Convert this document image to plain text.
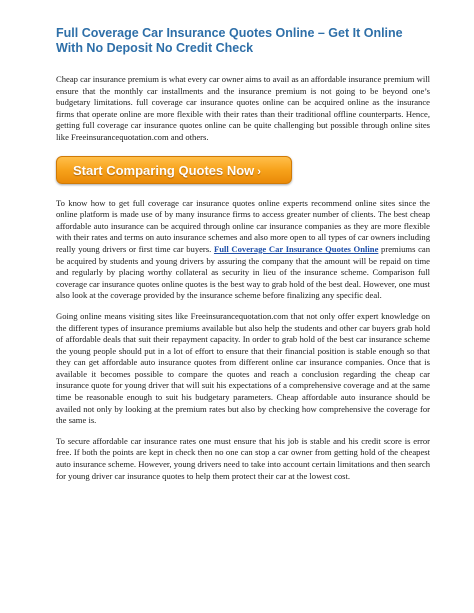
Full Coverage Car Insurance Quotes Online – Get It Online With No Deposit No Credit Check

Cheap car insurance premium is what every car owner aims to avail as an affordable insurance premium will ensure that the monthly car installments and the insurance premium is not going to be beyond one’s budgetary limitations. full coverage car insurance quotes online can be acquired online as the insurance firms that operate online are more flexible with their rates than their traditional offline counterparts. Hence, getting full coverage car insurance quotes online can be quite challenging but possible through online sites like Freeinsurancequotation.com and others.

Start Comparing Quotes Now ›

To know how to get full coverage car insurance quotes online experts recommend online sites since the online platform is made use of by many insurance firms to access greater number of clients. The best cheap affordable auto insurance can be acquired through online car insurance companies as they are more flexible with their rates and terms on auto insurance schemes and also more open to all types of car owners including really young drivers or first time car buyers. Full Coverage Car Insurance Quotes Online premiums can be acquired by students and young drivers by assuring the company that the amount will be repaid on time and regularly by placing worthy collateral as security in lieu of the insurance scheme. Comparison full coverage car insurance quotes online quotes is the best way to grab hold of the best deal. However, one must also look at the coverage provided by the insurance scheme before finalizing any specific deal.

Going online means visiting sites like Freeinsurancequotation.com that not only offer expert knowledge on the different types of insurance premiums available but also help the students and other car buyers grab hold of affordable deals that suit their repayment capacity. In order to grab hold of the best car insurance scheme the young people should put in a lot of effort to ensure that their financial position is stable enough so that they can get affordable auto insurance quotes from different online car insurance companies. Once that is available it becomes possible to compare the quotes and reach a conclusion regarding the cheap car insurance quote for young driver that will suit his expectations of a comprehensive coverage and at the same time be reasonable enough to suit his budgetary parameters. Cheap affordable auto insurance should be availed not only by looking at the premium rates but also by checking how comprehensive the coverage for the same is.

To secure affordable car insurance rates one must ensure that his job is stable and his credit score is error free. If both the points are kept in check then no one can stop a car owner from getting hold of the cheapest auto insurance scheme. However, young drivers need to take into account certain limitations and then search for young driver car insurance quotes to help them protect their car at the lowest cost.
